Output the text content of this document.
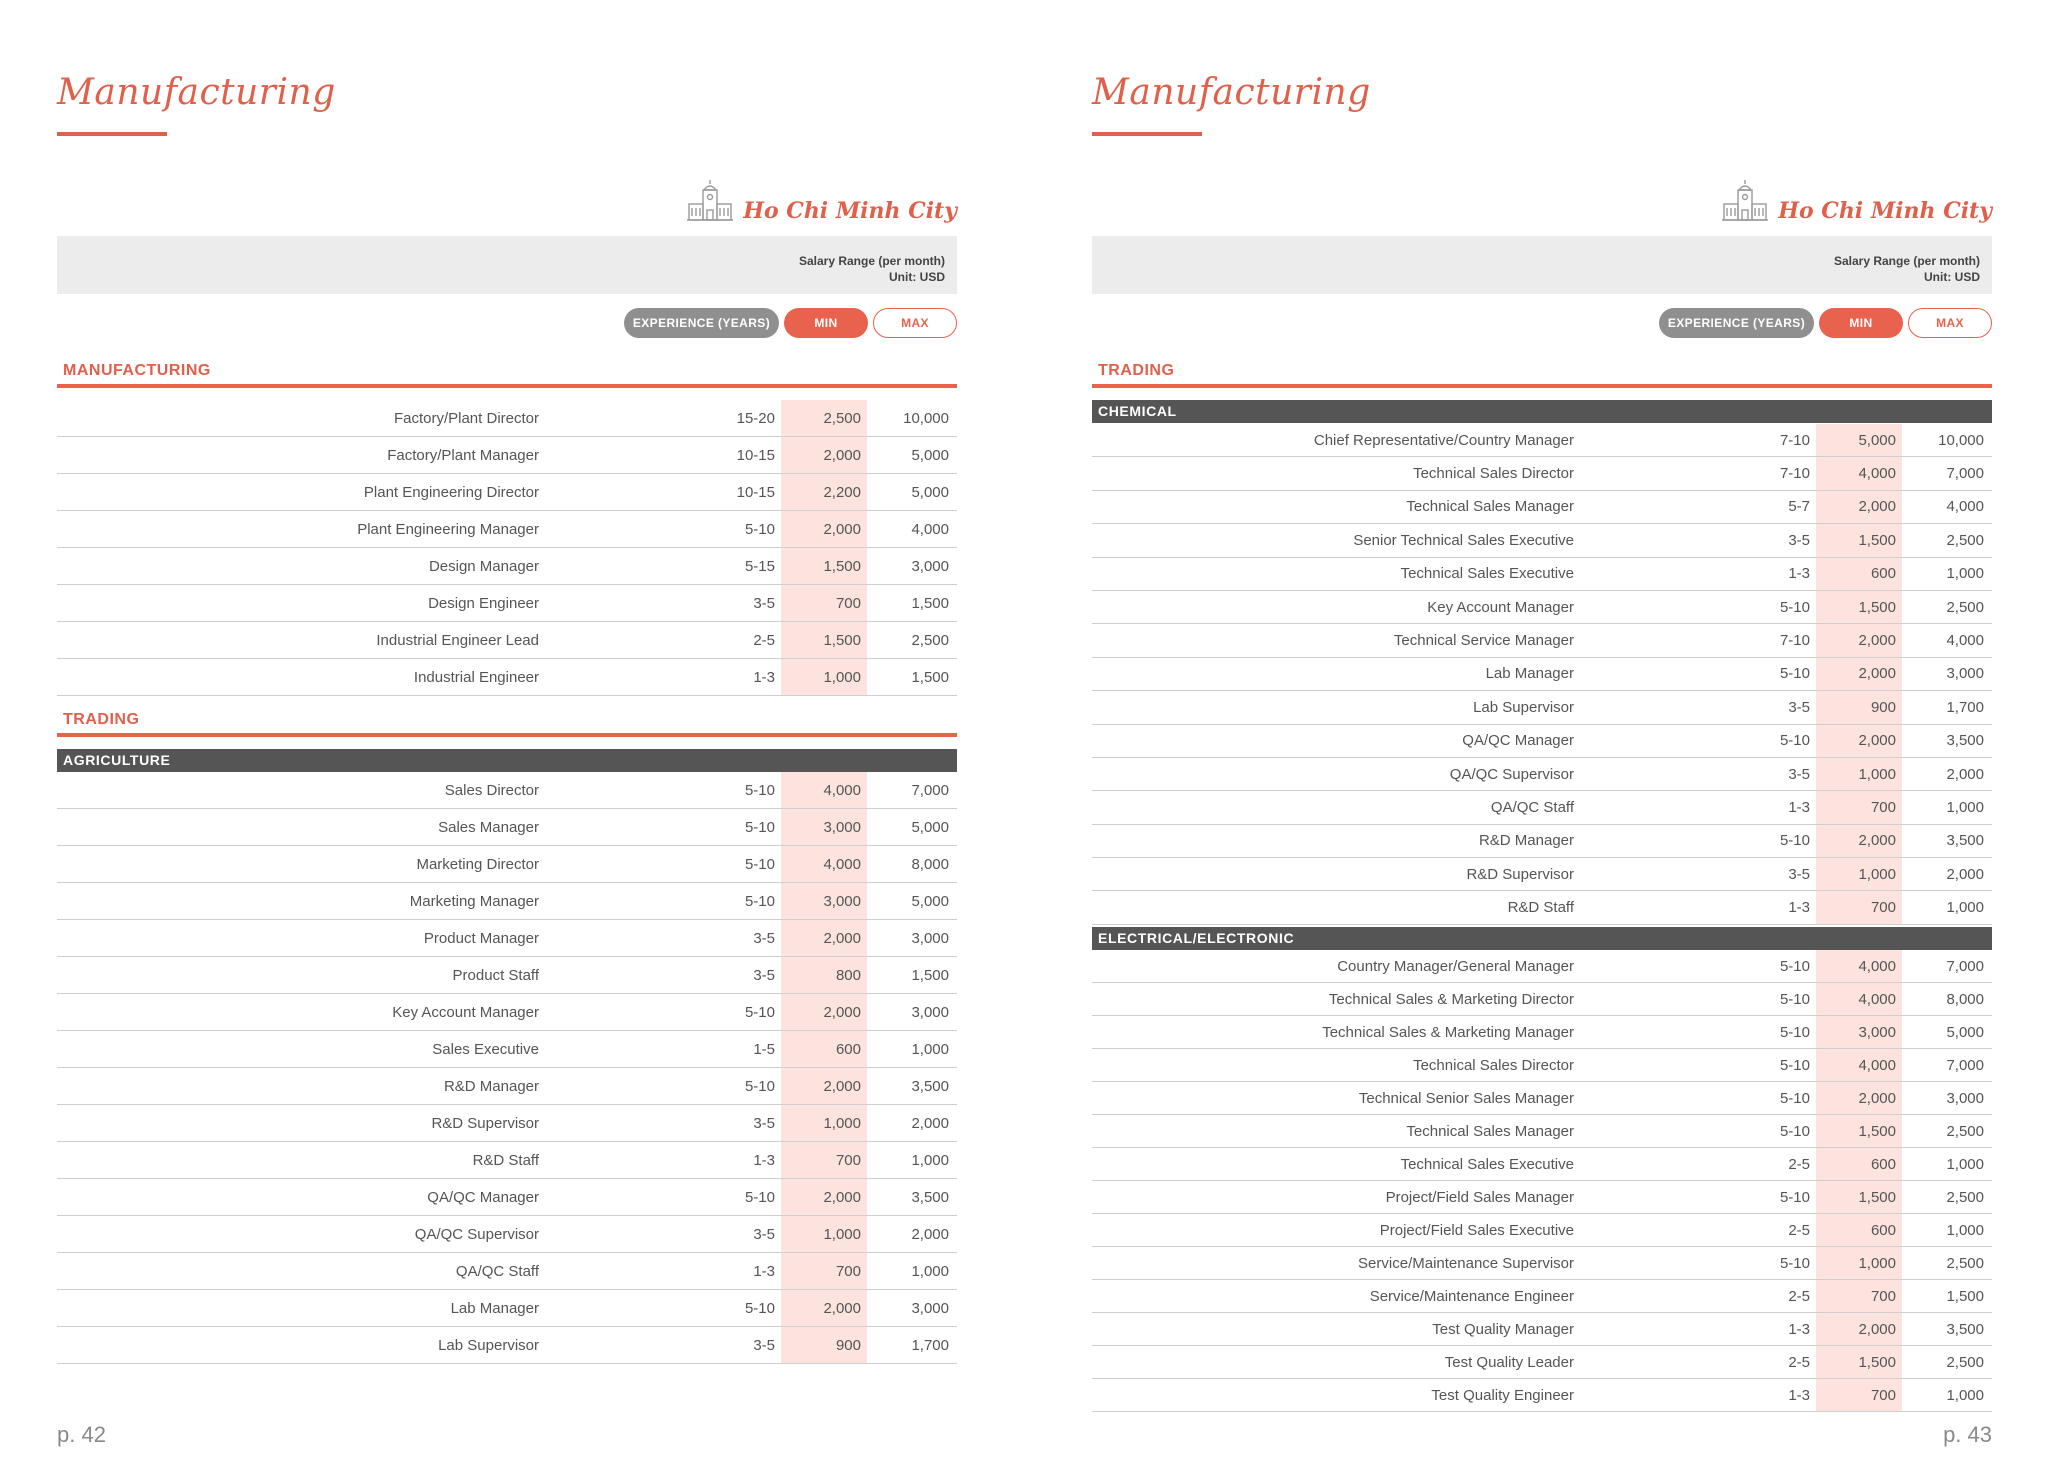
Manufacturing
Ho Chi Minh City
Salary Range (per month)
Unit: USD
EXPERIENCE (YEARS)	MIN	MAX
MANUFACTURING
Factory/Plant Director	15-20	2,500	10,000
Factory/Plant Manager	10-15	2,000	5,000
Plant Engineering Director	10-15	2,200	5,000
Plant Engineering Manager	5-10	2,000	4,000
Design Manager	5-15	1,500	3,000
Design Engineer	3-5	700	1,500
Industrial Engineer Lead	2-5	1,500	2,500
Industrial Engineer	1-3	1,000	1,500
TRADING
AGRICULTURE
Sales Director	5-10	4,000	7,000
Sales Manager	5-10	3,000	5,000
Marketing Director	5-10	4,000	8,000
Marketing Manager	5-10	3,000	5,000
Product Manager	3-5	2,000	3,000
Product Staff	3-5	800	1,500
Key Account Manager	5-10	2,000	3,000
Sales Executive	1-5	600	1,000
R&D Manager	5-10	2,000	3,500
R&D Supervisor	3-5	1,000	2,000
R&D Staff	1-3	700	1,000
QA/QC Manager	5-10	2,000	3,500
QA/QC Supervisor	3-5	1,000	2,000
QA/QC Staff	1-3	700	1,000
Lab Manager	5-10	2,000	3,000
Lab Supervisor	3-5	900	1,700
p. 42
Manufacturing
Ho Chi Minh City
Salary Range (per month)
Unit: USD
EXPERIENCE (YEARS)	MIN	MAX
TRADING
CHEMICAL
Chief Representative/Country Manager	7-10	5,000	10,000
Technical Sales Director	7-10	4,000	7,000
Technical Sales Manager	5-7	2,000	4,000
Senior Technical Sales Executive	3-5	1,500	2,500
Technical Sales Executive	1-3	600	1,000
Key Account Manager	5-10	1,500	2,500
Technical Service Manager	7-10	2,000	4,000
Lab Manager	5-10	2,000	3,000
Lab Supervisor	3-5	900	1,700
QA/QC Manager	5-10	2,000	3,500
QA/QC Supervisor	3-5	1,000	2,000
QA/QC Staff	1-3	700	1,000
R&D Manager	5-10	2,000	3,500
R&D Supervisor	3-5	1,000	2,000
R&D Staff	1-3	700	1,000
ELECTRICAL/ELECTRONIC
Country Manager/General Manager	5-10	4,000	7,000
Technical Sales & Marketing Director	5-10	4,000	8,000
Technical Sales & Marketing Manager	5-10	3,000	5,000
Technical Sales Director	5-10	4,000	7,000
Technical Senior Sales Manager	5-10	2,000	3,000
Technical Sales Manager	5-10	1,500	2,500
Technical Sales Executive	2-5	600	1,000
Project/Field Sales Manager	5-10	1,500	2,500
Project/Field Sales Executive	2-5	600	1,000
Service/Maintenance Supervisor	5-10	1,000	2,500
Service/Maintenance Engineer	2-5	700	1,500
Test Quality Manager	1-3	2,000	3,500
Test Quality Leader	2-5	1,500	2,500
Test Quality Engineer	1-3	700	1,000
p. 43
